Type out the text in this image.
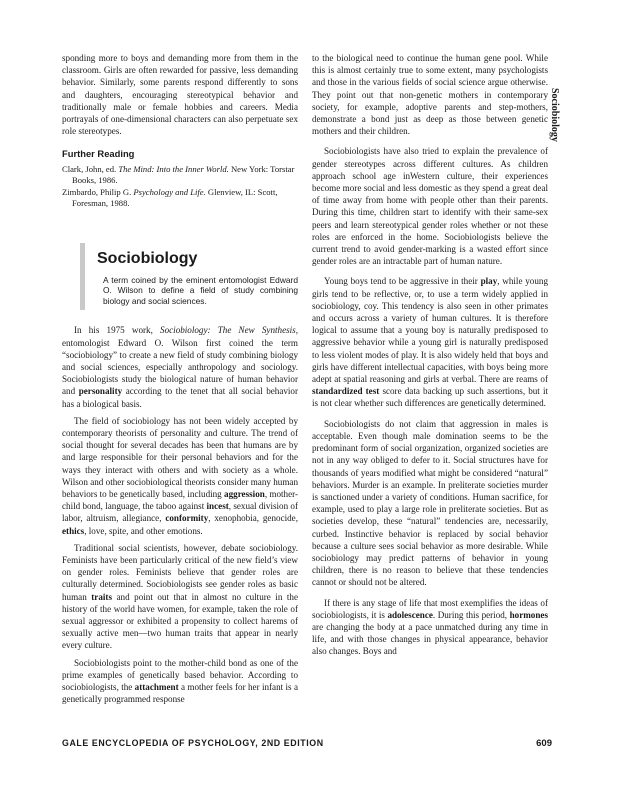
Sociobiology

sponding more to boys and demanding more from them in the classroom. Girls are often rewarded for passive, less demanding behavior. Similarly, some parents respond differently to sons and daughters, encouraging stereotypical behavior and traditionally male or female hobbies and careers. Media portrayals of one-dimensional characters can also perpetuate sex role stereotypes.

Further Reading

Clark, John, ed. The Mind: Into the Inner World. New York: Torstar Books, 1986.

Zimbardo, Philip G. Psychology and Life. Glenview, IL: Scott, Foresman, 1988.

Sociobiology
A term coined by the eminent entomologist Edward O. Wilson to define a field of study combining biology and social sciences.

In his 1975 work, Sociobiology: The New Synthesis, entomologist Edward O. Wilson first coined the term “sociobiology” to create a new field of study combining biology and social sciences, especially anthropology and sociology. Sociobiologists study the biological nature of human behavior and personality according to the tenet that all social behavior has a biological basis.

The field of sociobiology has not been widely accepted by contemporary theorists of personality and culture. The trend of social thought for several decades has been that humans are by and large responsible for their personal behaviors and for the ways they interact with others and with society as a whole. Wilson and other sociobiological theorists consider many human behaviors to be genetically based, including aggression, mother-child bond, language, the taboo against incest, sexual division of labor, altruism, allegiance, conformity, xenophobia, genocide, ethics, love, spite, and other emotions.

Traditional social scientists, however, debate sociobiology. Feminists have been particularly critical of the new field’s view on gender roles. Feminists believe that gender roles are culturally determined. Sociobiologists see gender roles as basic human traits and point out that in almost no culture in the history of the world have women, for example, taken the role of sexual aggressor or exhibited a propensity to collect harems of sexually active men—two human traits that appear in nearly every culture.

Sociobiologists point to the mother-child bond as one of the prime examples of genetically based behavior. According to sociobiologists, the attachment a mother feels for her infant is a genetically programmed response

to the biological need to continue the human gene pool. While this is almost certainly true to some extent, many psychologists and those in the various fields of social science argue otherwise. They point out that non-genetic mothers in contemporary society, for example, adoptive parents and step-mothers, demonstrate a bond just as deep as those between genetic mothers and their children.

Sociobiologists have also tried to explain the prevalence of gender stereotypes across different cultures. As children approach school age inWestern culture, their experiences become more social and less domestic as they spend a great deal of time away from home with people other than their parents. During this time, children start to identify with their same-sex peers and learn stereotypical gender roles whether or not these roles are enforced in the home. Sociobiologists believe the current trend to avoid gender-marking is a wasted effort since gender roles are an intractable part of human nature.

Young boys tend to be aggressive in their play, while young girls tend to be reflective, or, to use a term widely applied in sociobiology, coy. This tendency is also seen in other primates and occurs across a variety of human cultures. It is therefore logical to assume that a young boy is naturally predisposed to aggressive behavior while a young girl is naturally predisposed to less violent modes of play. It is also widely held that boys and girls have different intellectual capacities, with boys being more adept at spatial reasoning and girls at verbal. There are reams of standardized test score data backing up such assertions, but it is not clear whether such differences are genetically determined.

Sociobiologists do not claim that aggression in males is acceptable. Even though male domination seems to be the predominant form of social organization, organized societies are not in any way obliged to defer to it. Social structures have for thousands of years modified what might be considered “natural” behaviors. Murder is an example. In preliterate societies murder is sanctioned under a variety of conditions. Human sacrifice, for example, used to play a large role in preliterate societies. But as societies develop, these “natural” tendencies are, necessarily, curbed. Instinctive behavior is replaced by social behavior because a culture sees social behavior as more desirable. While sociobiology may predict patterns of behavior in young children, there is no reason to believe that these tendencies cannot or should not be altered.

If there is any stage of life that most exemplifies the ideas of sociobiologists, it is adolescence. During this period, hormones are changing the body at a pace unmatched during any time in life, and with those changes in physical appearance, behavior also changes. Boys and

GALE ENCYCLOPEDIA OF PSYCHOLOGY, 2ND EDITION	609
